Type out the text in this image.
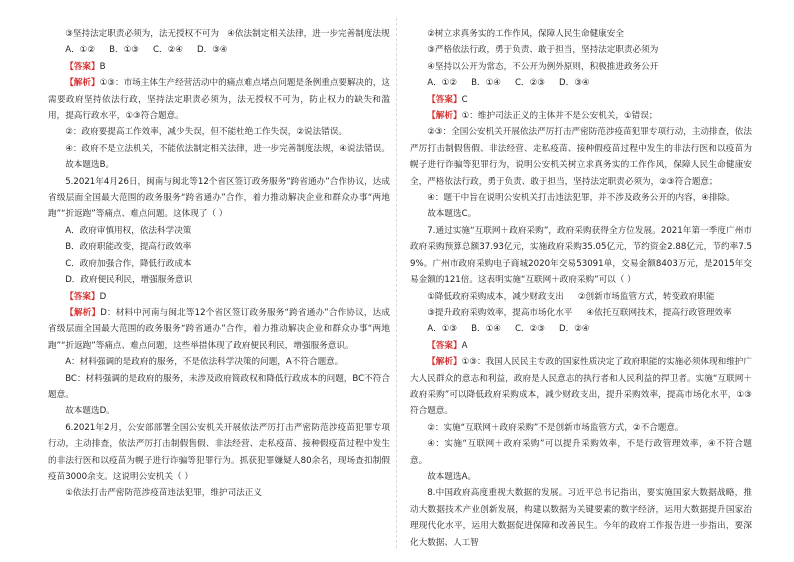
③坚持法定职责必须为，法无授权不可为 ④依法制定相关法律，进一步完善制度法规

A．①② B．①③ C．②④ D．③④

【答案】B

【解析】①③：市场主体生产经营活动中的痛点难点堵点问题是条例重点要解决的，这需要政府坚持依法行政，坚持法定职责必须为，法无授权不可为，防止权力的缺失和滥用，提高行政水平，①③符合题意。

②：政府要提高工作效率，减少失误，但不能杜绝工作失误，②说法错误。

④：政府不是立法机关，不能依法制定相关法律，进一步完善制度法规，④说法错误。

故本题选B。

5.2021年4月26日，闽南与闽北等12个省区签订政务服务“跨省通办”合作协议，达成省级层面全国最大范围的政务服务“跨省通办”合作，着力推动解决企业和群众办事“两地跑”“折返跑”等痛点、难点问题。这体现了（ ）

A．政府审慎用权，依法科学决策

B．政府职能改变，提高行政效率

C．政府加强合作，降低行政成本

D．政府便民利民，增强服务意识

【答案】D

【解析】D：材料中河南与闽北等12个省区签订政务服务“跨省通办”合作协议，达成省级层面全国最大范围的政务服务“跨省通办”合作，着力推动解决企业和群众办事“两地跑”“折返跑”等痛点、难点问题，这些举措体现了政府便民利民，增强服务意识。

A：材料强调的是政府的服务，不是依法科学决策的问题，A不符合题意。

BC：材料强调的是政府的服务，未涉及政府简政权和降低行政成本的问题，BC不符合题意。

故本题选D。

6.2021年2月，公安部部署全国公安机关开展依法严厉打击严密防范涉疫苗犯罪专项行动，主动排查，依法严厉打击制假售假、非法经营、走私疫苗、接种假疫苗过程中发生的非法行医和以疫苗为幌子进行诈骗等犯罪行为。抓获犯罪嫌疑人80余名，现场查扣制假疫苗3000余支。这说明公安机关（ ）

①依法打击严密防范涉疫苗违法犯罪，维护司法正义

②树立求真务实的工作作风，保障人民生命健康安全

③严格依法行政，勇于负责、敢于担当，坚持法定职责必须为

④坚持以公开为常态，不公开为例外原则，积极推进政务公开

A．①② B．①④ C．②③ D．③④

【答案】C

【解析】①：维护司法正义的主体并不是公安机关，①错误；

②③：全国公安机关开展依法严厉打击严密防范涉疫苗犯罪专项行动，主动排查，依法严厉打击制假售假、非法经营、走私疫苗、接种假疫苗过程中发生的非法行医和以疫苗为幌子进行诈骗等犯罪行为，说明公安机关树立求真务实的工作作风，保障人民生命健康安全，严格依法行政，勇于负责、敢于担当，坚持法定职责必须为，②③符合题意；

④：题干中旨在说明公安机关打击违法犯罪，并不涉及政务公开的内容，④排除。

故本题选C。

7.通过实施“互联网＋政府采购”，政府采购获得全方位发展。2021年第一季度广州市政府采购预算总额37.93亿元，实施政府采购35.05亿元，节约资金2.88亿元，节约率7.59%。广州市政府采购电子商城2020年交易53091单，交易金额8403万元，是2015年交易金额的121倍。这表明实施“互联网＋政府采购”可以（ ）

①降低政府采购成本，减少财政支出 ②创新市场监管方式，转变政府职能
③提升政府采购效率，提高市场化水平 ④依托互联网技术，提高行政管理效率
A．①③ B．①④ C．②③ D．②④

【答案】A

【解析】①③：我国人民民主专政的国家性质决定了政府职能的实施必须体现和维护广大人民群众的意志和利益，政府是人民意志的执行者和人民利益的捍卫者。实施“互联网＋政府采购”可以降低政府采购成本，减少财政支出，提升采购效率，提高市场化水平，①③符合题意。

②：实施“互联网＋政府采购”不是创新市场监管方式，②不合题意。

④：实施“互联网＋政府采购”可以提升采购效率，不是行政管理效率，④不符合题意。

故本题选A。

8.中国政府高度重视大数据的发展。习近平总书记指出，要实施国家大数据战略，推动大数据技术产业创新发展，构建以数据为关键要素的数字经济，运用大数据提升国家治理现代化水平，运用大数据促进保障和改善民生。今年的政府工作报告进一步指出，要深化大数据、人工智
